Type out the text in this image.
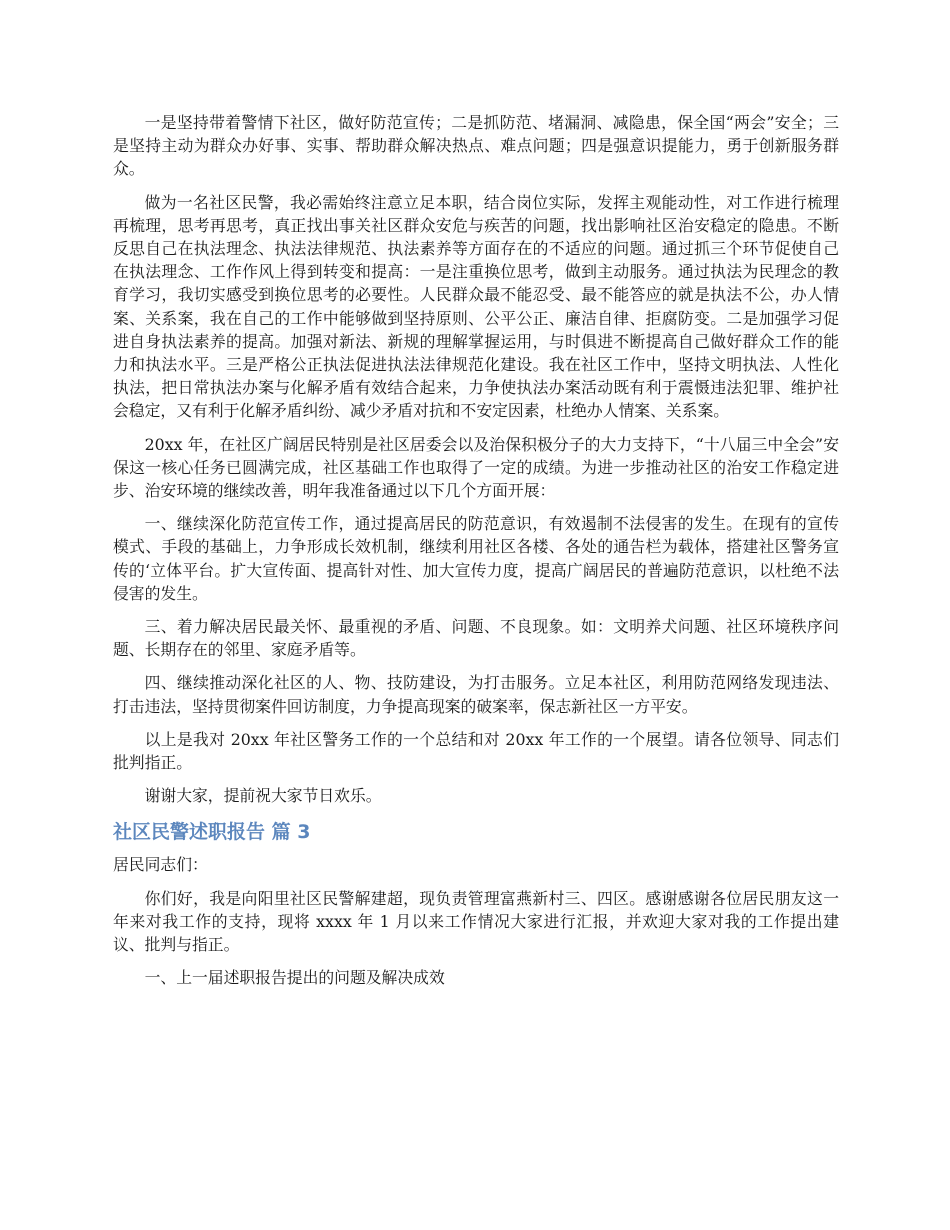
一是坚持带着警情下社区，做好防范宣传；二是抓防范、堵漏洞、减隐患，保全国“两会”安全；三是坚持主动为群众办好事、实事、帮助群众解决热点、难点问题；四是强意识提能力，勇于创新服务群众。

做为一名社区民警，我必需始终注意立足本职，结合岗位实际，发挥主观能动性，对工作进行梳理再梳理，思考再思考，真正找出事关社区群众安危与疾苦的问题，找出影响社区治安稳定的隐患。不断反思自己在执法理念、执法法律规范、执法素养等方面存在的不适应的问题。通过抓三个环节促使自己在执法理念、工作作风上得到转变和提高：一是注重换位思考，做到主动服务。通过执法为民理念的教育学习，我切实感受到换位思考的必要性。人民群众最不能忍受、最不能答应的就是执法不公，办人情案、关系案，我在自己的工作中能够做到坚持原则、公平公正、廉洁自律、拒腐防变。二是加强学习促进自身执法素养的提高。加强对新法、新规的理解掌握运用，与时俱进不断提高自己做好群众工作的能力和执法水平。三是严格公正执法促进执法法律规范化建设。我在社区工作中，坚持文明执法、人性化执法，把日常执法办案与化解矛盾有效结合起来，力争使执法办案活动既有利于震慑违法犯罪、维护社会稳定，又有利于化解矛盾纠纷、减少矛盾对抗和不安定因素，杜绝办人情案、关系案。

20xx 年，在社区广阔居民特别是社区居委会以及治保积极分子的大力支持下，“十八届三中全会”安保这一核心任务已圆满完成，社区基础工作也取得了一定的成绩。为进一步推动社区的治安工作稳定进步、治安环境的继续改善，明年我准备通过以下几个方面开展：

一、继续深化防范宣传工作，通过提高居民的防范意识，有效遏制不法侵害的发生。在现有的宣传模式、手段的基础上，力争形成长效机制，继续利用社区各楼、各处的通告栏为载体，搭建社区警务宣传的‘立体平台。扩大宣传面、提高针对性、加大宣传力度，提高广阔居民的普遍防范意识，以杜绝不法侵害的发生。

三、着力解决居民最关怀、最重视的矛盾、问题、不良现象。如：文明养犬问题、社区环境秩序问题、长期存在的邻里、家庭矛盾等。

四、继续推动深化社区的人、物、技防建设，为打击服务。立足本社区，利用防范网络发现违法、打击违法，坚持贯彻案件回访制度，力争提高现案的破案率，保志新社区一方平安。

以上是我对 20xx 年社区警务工作的一个总结和对 20xx 年工作的一个展望。请各位领导、同志们批判指正。

谢谢大家，提前祝大家节日欢乐。

社区民警述职报告 篇 3

居民同志们：

你们好，我是向阳里社区民警解建超，现负责管理富燕新村三、四区。感谢感谢各位居民朋友这一年来对我工作的支持，现将 xxxx 年 1 月以来工作情况大家进行汇报，并欢迎大家对我的工作提出建议、批判与指正。

一、上一届述职报告提出的问题及解决成效
